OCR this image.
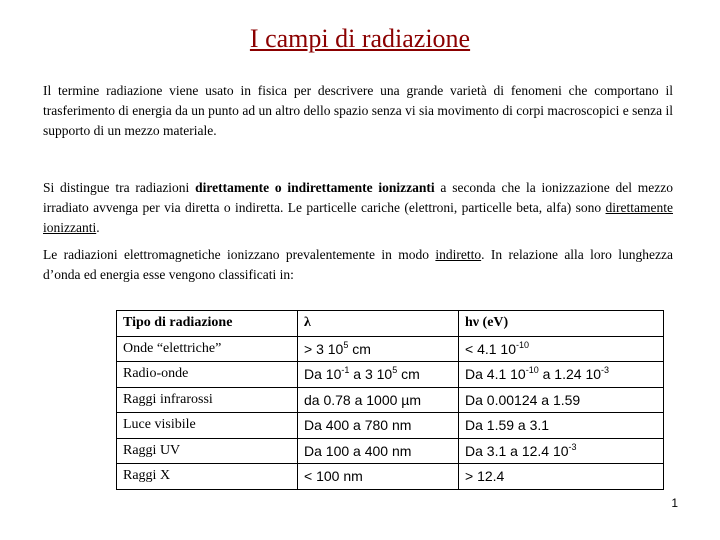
I campi di radiazione
Il termine radiazione viene usato in fisica per descrivere una grande varietà di fenomeni che comportano il trasferimento di energia da un punto ad un altro dello spazio senza vi sia movimento di corpi macroscopici e senza il supporto di un mezzo materiale.
Si distingue tra radiazioni direttamente o indirettamente ionizzanti a seconda che la ionizzazione del mezzo irradiato avvenga per via diretta o indiretta. Le particelle cariche (elettroni, particelle beta, alfa) sono direttamente ionizzanti.
Le radiazioni elettromagnetiche ionizzano prevalentemente in modo indiretto. In relazione alla loro lunghezza d’onda ed energia esse vengono classificati in:
Tipo di radiazione	λ	hν (eV)
Onde “elettriche”	> 3 $10^5$ cm	< 4.1 $10^{-10}$
Radio-onde	Da $10^{-1}$ a 3 $10^5$ cm	Da 4.1 $10^{-10}$ a 1.24 $10^{-3}$
Raggi infrarossi	da 0.78 a 1000 µm	Da 0.00124 a 1.59
Luce visibile	Da 400 a 780 nm	Da 1.59 a 3.1
Raggi UV	Da 100 a 400 nm	Da 3.1 a 12.4 $10^{-3}$
Raggi X	< 100 nm	> 12.4
1
